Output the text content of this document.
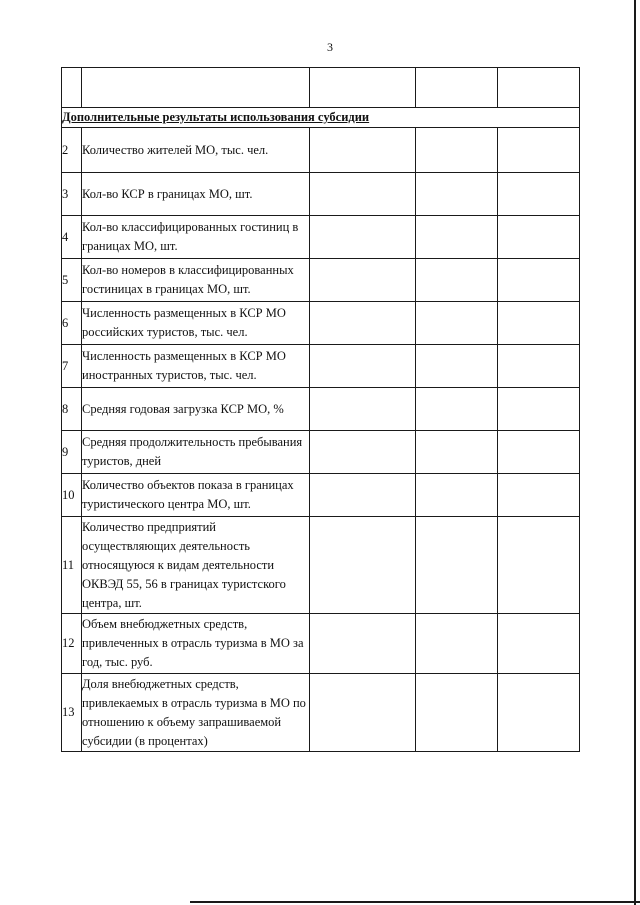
3

Дополнительные результаты использования субсидии				
2	Количество жителей МО, тыс. чел.			
3	Кол-во КСР в границах МО, шт.			
4	Кол-во классифицированных гостиниц в границах МО, шт.			
5	Кол-во номеров в классифицированных гостиницах в границах МО, шт.			
6	Численность размещенных в КСР МО российских туристов, тыс. чел.			
7	Численность размещенных в КСР МО иностранных туристов, тыс. чел.			
8	Средняя годовая загрузка КСР МО, %			
9	Средняя продолжительность пребывания туристов, дней			
10	Количество объектов показа в границах туристического центра МО, шт.			
11	Количество предприятий осуществляющих деятельность относящуюся к видам деятельности ОКВЭД 55, 56 в границах туристского центра, шт.			
12	Объем внебюджетных средств, привлеченных в отрасль туризма в МО за год, тыс. руб.			
13	Доля внебюджетных средств, привлекаемых в отрасль туризма в МО по отношению к объему запрашиваемой субсидии (в процентах)			
